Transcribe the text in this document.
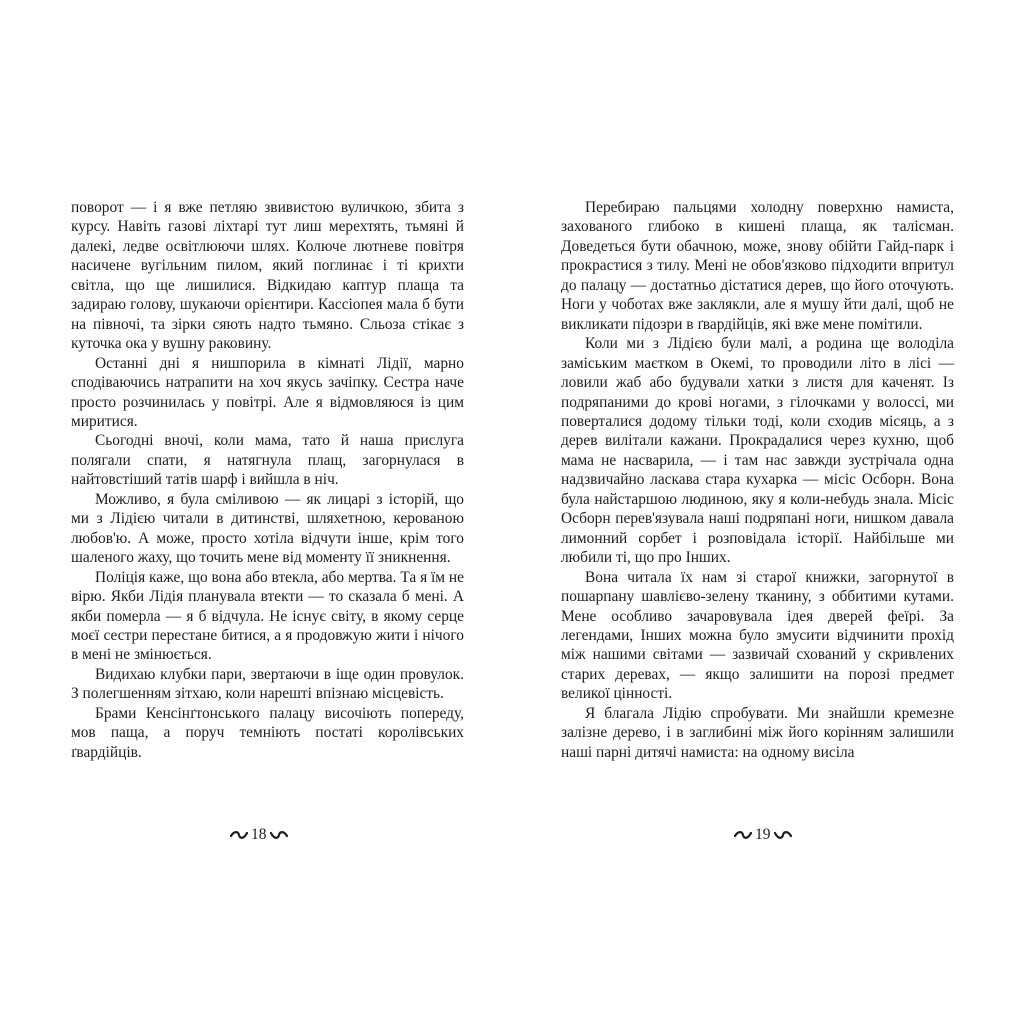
поворот — і я вже петляю звивистою вуличкою, збита з курсу. Навіть газові ліхтарі тут лиш мерехтять, тьмяні й далекі, ледве освітлюючи шлях. Колюче лютневе повітря насичене вугільним пилом, який поглинає і ті крихти світла, що ще лишилися. Відкидаю каптур плаща та задираю голову, шукаючи орієнтири. Кассіопея мала б бути на півночі, та зірки сяють надто тьмяно. Сльоза стікає з куточка ока у вушну раковину.

Останні дні я нишпорила в кімнаті Лідії, марно сподіваючись натрапити на хоч якусь зачіпку. Сестра наче просто розчинилась у повітрі. Але я відмовляюся із цим миритися.

Сьогодні вночі, коли мама, тато й наша прислуга полягали спати, я натягнула плащ, загорнулася в найтовстіший татів шарф і вийшла в ніч.

Можливо, я була сміливою — як лицарі з історій, що ми з Лідією читали в дитинстві, шляхетною, керованою любов'ю. А може, просто хотіла відчути інше, крім того шаленого жаху, що точить мене від моменту її зникнення.

Поліція каже, що вона або втекла, або мертва. Та я їм не вірю. Якби Лідія планувала втекти — то сказала б мені. А якби померла — я б відчула. Не існує світу, в якому серце моєї сестри перестане битися, а я продовжую жити і нічого в мені не змінюється.

Видихаю клубки пари, звертаючи в іще один провулок. З полегшенням зітхаю, коли нарешті впізнаю місцевість.

Брами Кенсінґтонського палацу височіють попереду, мов паща, а поруч темніють постаті королівських ґвардійців.

18

Перебираю пальцями холодну поверхню намиста, захованого глибоко в кишені плаща, як талісман. Доведеться бути обачною, може, знову обійти Гайд-парк і прокрастися з тилу. Мені не обов'язково підходити впритул до палацу — достатньо дістатися дерев, що його оточують. Ноги у чоботах вже заклякли, але я мушу йти далі, щоб не викликати підозри в ґвардійців, які вже мене помітили.

Коли ми з Лідією були малі, а родина ще володіла заміським маєтком в Окемі, то проводили літо в лісі — ловили жаб або будували хатки з листя для каченят. Із подряпаними до крові ногами, з гілочками у волоссі, ми поверталися додому тільки тоді, коли сходив місяць, а з дерев вилітали кажани. Прокрадалися через кухню, щоб мама не насварила, — і там нас завжди зустрічала одна надзвичайно ласкава стара кухарка — місіс Осборн. Вона була найстаршою людиною, яку я коли-небудь знала. Місіс Осборн перев'язувала наші подряпані ноги, нишком давала лимонний сорбет і розповідала історії. Найбільше ми любили ті, що про Інших.

Вона читала їх нам зі старої книжки, загорнутої в пошарпану шавлієво-зелену тканину, з оббитими кутами. Мене особливо зачаровувала ідея дверей феїрі. За легендами, Інших можна було змусити відчинити прохід між нашими світами — зазвичай схований у скривлених старих деревах, — якщо залишити на порозі предмет великої цінності.

Я благала Лідію спробувати. Ми знайшли кремезне залізне дерево, і в заглибині між його корінням залишили наші парні дитячі намиста: на одному висіла

19
